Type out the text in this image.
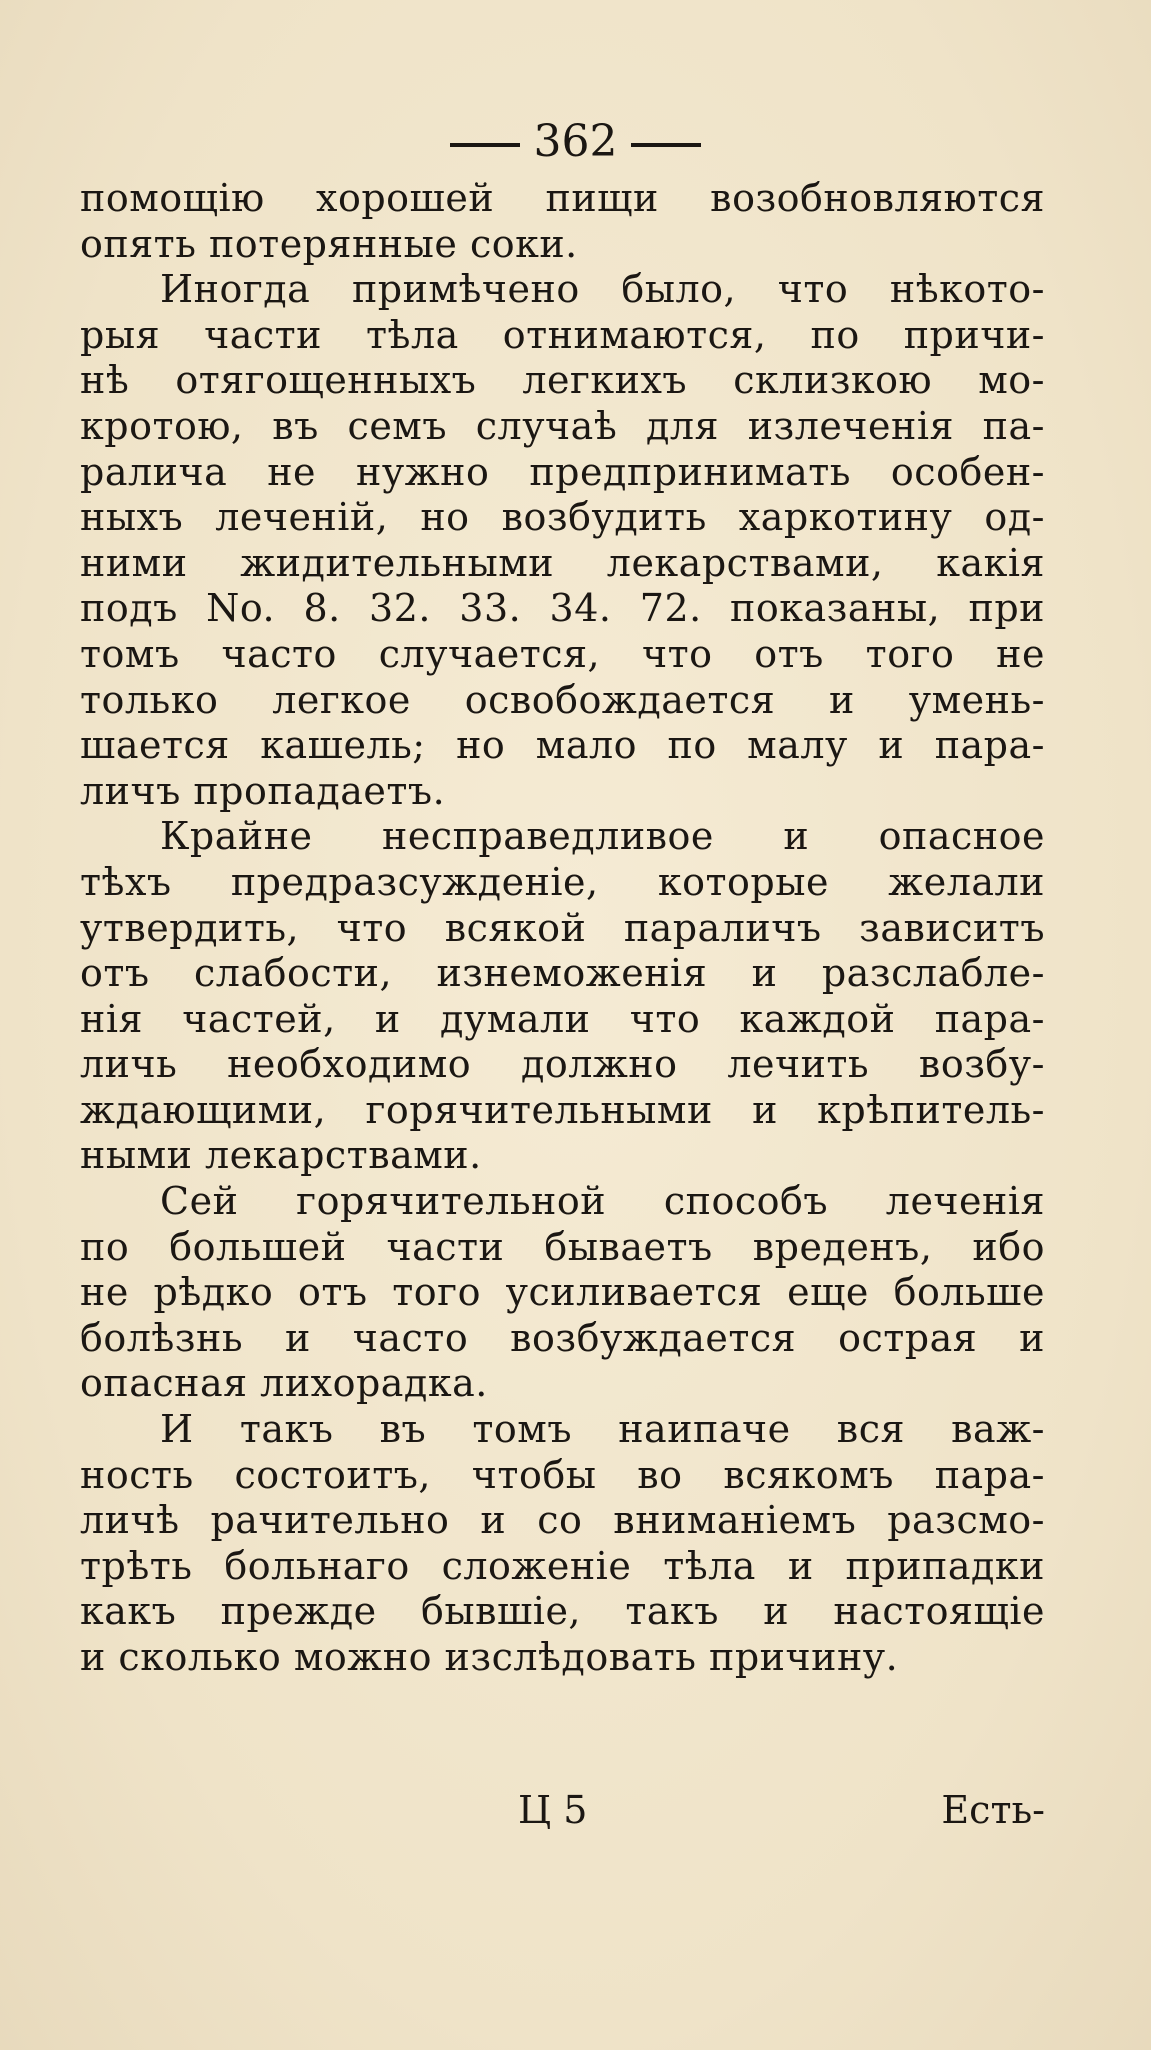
362
помощію хорошей пищи возобновляются
опять потерянные соки.
Иногда примѣчено было, что нѣкото-
рыя части тѣла отнимаются, по причи-
нѣ отягощенныхъ легкихъ склизкою мо-
кротою, въ семъ случаѣ для излеченія па-
ралича не нужно предпринимать особен-
ныхъ леченій, но возбудить харкотину од-
ними жидительными лекарствами, какія
подъ No. 8. 32. 33. 34. 72. показаны, при
томъ часто случается, что отъ того не
только легкое освобождается и умень-
шается кашель; но мало по малу и пара-
личъ пропадаетъ.
Крайне несправедливое и опасное
тѣхъ предразсужденіе, которые желали
утвердить, что всякой параличъ зависитъ
отъ слабости, изнеможенія и разслабле-
нія частей, и думали что каждой пара-
личь необходимо должно лечить возбу-
ждающими, горячительными и крѣпитель-
ными лекарствами.
Сей горячительной способъ леченія
по большей части бываетъ вреденъ, ибо
не рѣдко отъ того усиливается еще больше
болѣзнь и часто возбуждается острая и
опасная лихорадка.
И такъ въ томъ наипаче вся важ-
ность состоитъ, чтобы во всякомъ пара-
личѣ рачительно и со вниманіемъ разсмо-
трѣть больнаго сложеніе тѣла и припадки
какъ прежде бывшіе, такъ и настоящіе
и сколько можно изслѣдовать причину.
Ц 5	Есть-
